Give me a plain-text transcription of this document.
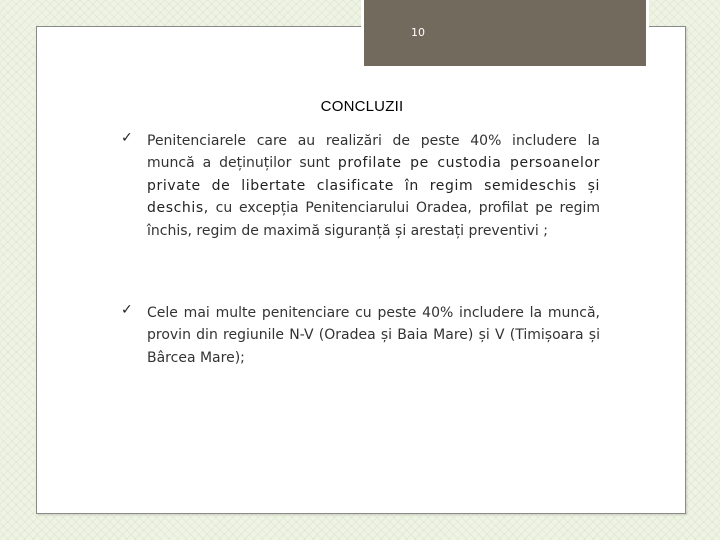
10
CONCLUZII
✓ Penitenciarele care au realizări de peste 40% includere la muncă a deținuților sunt profilate pe custodia persoanelor private de libertate clasificate în regim semideschis și deschis, cu excepția Penitenciarului Oradea, profilat pe regim închis, regim de maximă siguranță și arestați preventivi ;
✓ Cele mai multe penitenciare cu peste 40% includere la muncă, provin din regiunile N-V (Oradea și Baia Mare) și V (Timișoara și Bârcea Mare);
